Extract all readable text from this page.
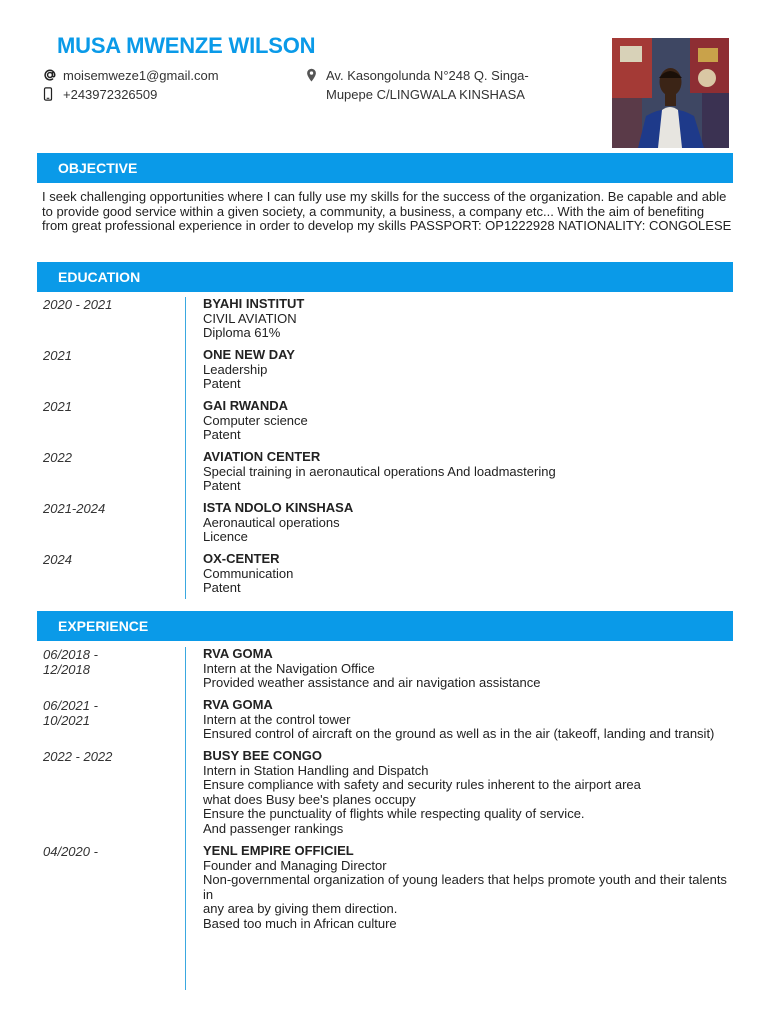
MUSA MWENZE WILSON
moisemweze1@gmail.com
+243972326509
Av. Kasongolunda N°248 Q. Singa-Mupepe C/LINGWALA KINSHASA
OBJECTIVE

I seek challenging opportunities where I can fully use my skills for the success of the organization. Be capable and able to provide good service within a given society, a community, a business, a company etc... With the aim of benefiting from great professional experience in order to develop my skills PASSPORT: OP1222928 NATIONALITY: CONGOLESE

EDUCATION
2020 - 2021	BYAHI INSTITUT
CIVIL AVIATION
Diploma 61%
2021	ONE NEW DAY
Leadership
Patent
2021	GAI RWANDA
Computer science
Patent
2022	AVIATION CENTER
Special training in aeronautical operations And loadmastering
Patent
2021-2024	ISTA NDOLO KINSHASA
Aeronautical operations
Licence
2024	OX-CENTER
Communication
Patent
EXPERIENCE
06/2018 -
12/2018
RVA GOMA
Intern at the Navigation Office
Provided weather assistance and air navigation assistance
06/2021 -
10/2021
RVA GOMA
Intern at the control tower
Ensured control of aircraft on the ground as well as in the air (takeoff, landing and transit)
2022 - 2022	BUSY BEE CONGO
Intern in Station Handling and Dispatch
Ensure compliance with safety and security rules inherent to the airport area
what does Busy bee's planes occupy
Ensure the punctuality of flights while respecting quality of service.
And passenger rankings
04/2020 -	YENL EMPIRE OFFICIEL
Founder and Managing Director
Non-governmental organization of young leaders that helps promote youth and their talents in
any area by giving them direction.
Based too much in African culture
